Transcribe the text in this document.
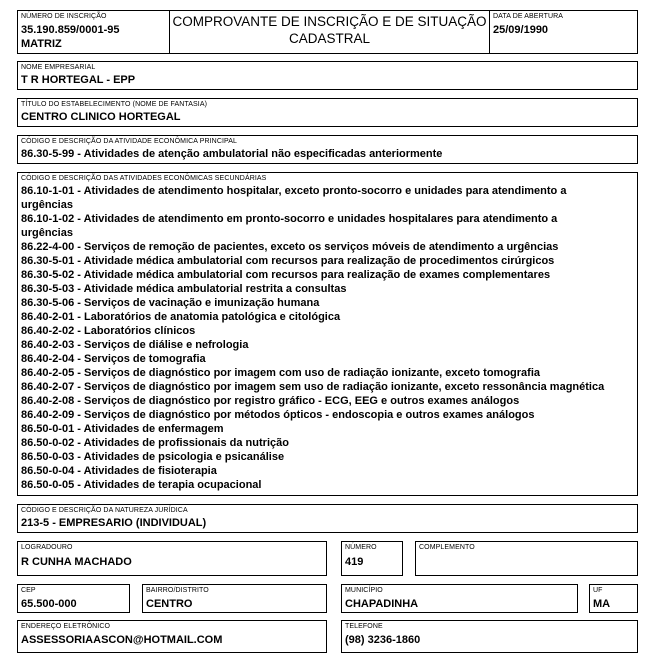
NÚMERO DE INSCRIÇÃO
35.190.859/0001-95
MATRIZ
COMPROVANTE DE INSCRIÇÃO E DE SITUAÇÃO
CADASTRAL
DATA DE ABERTURA
25/09/1990
NOME EMPRESARIAL
T R HORTEGAL - EPP
TÍTULO DO ESTABELECIMENTO (NOME DE FANTASIA)
CENTRO CLINICO HORTEGAL
CÓDIGO E DESCRIÇÃO DA ATIVIDADE ECONÔMICA PRINCIPAL
86.30-5-99 - Atividades de atenção ambulatorial não especificadas anteriormente
CÓDIGO E DESCRIÇÃO DAS ATIVIDADES ECONÔMICAS SECUNDÁRIAS
86.10-1-01 - Atividades de atendimento hospitalar, exceto pronto-socorro e unidades para atendimento a
urgências
86.10-1-02 - Atividades de atendimento em pronto-socorro e unidades hospitalares para atendimento a
urgências
86.22-4-00 - Serviços de remoção de pacientes, exceto os serviços móveis de atendimento a urgências
86.30-5-01 - Atividade médica ambulatorial com recursos para realização de procedimentos cirúrgicos
86.30-5-02 - Atividade médica ambulatorial com recursos para realização de exames complementares
86.30-5-03 - Atividade médica ambulatorial restrita a consultas
86.30-5-06 - Serviços de vacinação e imunização humana
86.40-2-01 - Laboratórios de anatomia patológica e citológica
86.40-2-02 - Laboratórios clínicos
86.40-2-03 - Serviços de diálise e nefrologia
86.40-2-04 - Serviços de tomografia
86.40-2-05 - Serviços de diagnóstico por imagem com uso de radiação ionizante, exceto tomografia
86.40-2-07 - Serviços de diagnóstico por imagem sem uso de radiação ionizante, exceto ressonância magnética
86.40-2-08 - Serviços de diagnóstico por registro gráfico - ECG, EEG e outros exames análogos
86.40-2-09 - Serviços de diagnóstico por métodos ópticos - endoscopia e outros exames análogos
86.50-0-01 - Atividades de enfermagem
86.50-0-02 - Atividades de profissionais da nutrição
86.50-0-03 - Atividades de psicologia e psicanálise
86.50-0-04 - Atividades de fisioterapia
86.50-0-05 - Atividades de terapia ocupacional
CÓDIGO E DESCRIÇÃO DA NATUREZA JURÍDICA
213-5 - EMPRESARIO (INDIVIDUAL)
LOGRADOURO
R CUNHA MACHADO
NÚMERO
419
COMPLEMENTO
CEP
65.500-000
BAIRRO/DISTRITO
CENTRO
MUNICÍPIO
CHAPADINHA
UF
MA
ENDEREÇO ELETRÔNICO
ASSESSORIAASCON@HOTMAIL.COM
TELEFONE
(98) 3236-1860
